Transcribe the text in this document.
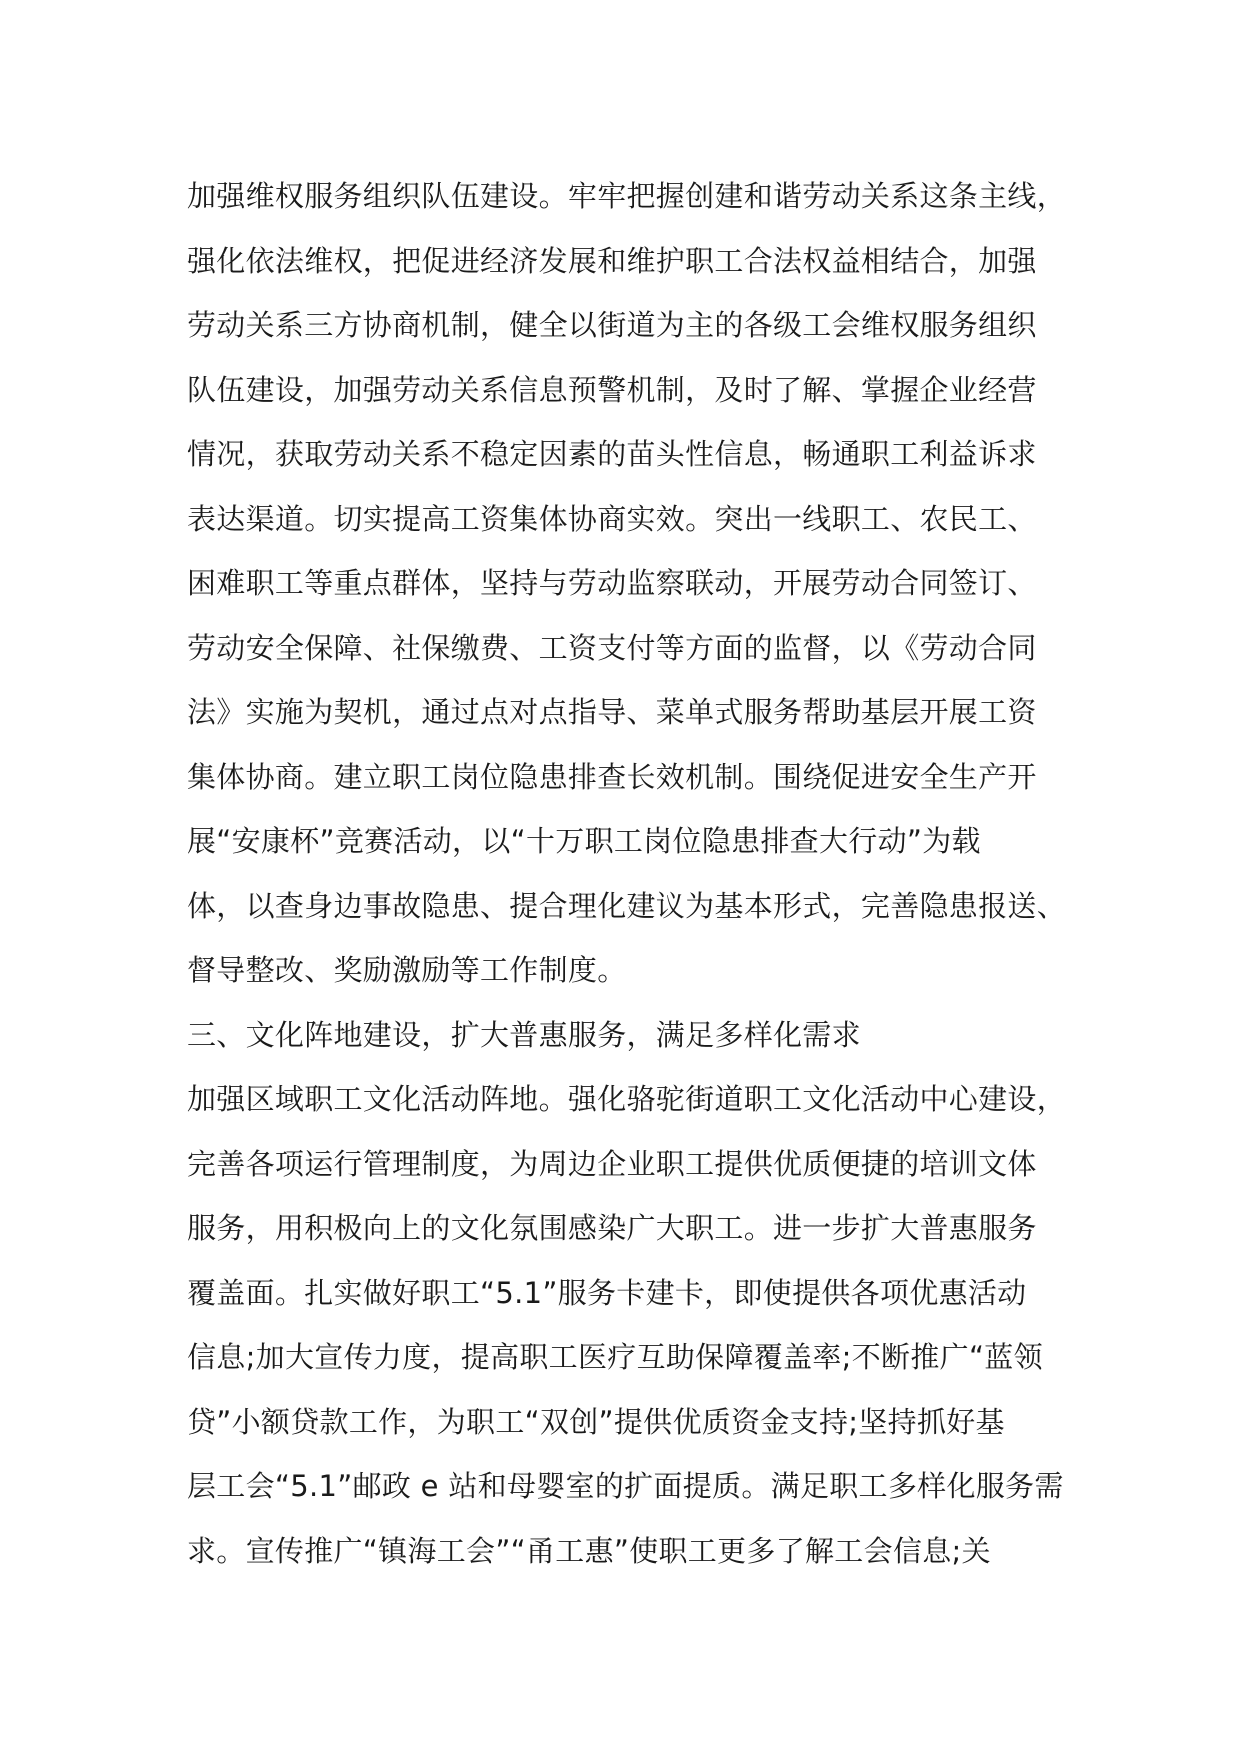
加强维权服务组织队伍建设。牢牢把握创建和谐劳动关系这条主线，
强化依法维权，把促进经济发展和维护职工合法权益相结合，加强
劳动关系三方协商机制，健全以街道为主的各级工会维权服务组织
队伍建设，加强劳动关系信息预警机制，及时了解、掌握企业经营
情况，获取劳动关系不稳定因素的苗头性信息，畅通职工利益诉求
表达渠道。切实提高工资集体协商实效。突出一线职工、农民工、
困难职工等重点群体，坚持与劳动监察联动，开展劳动合同签订、
劳动安全保障、社保缴费、工资支付等方面的监督，以《劳动合同
法》实施为契机，通过点对点指导、菜单式服务帮助基层开展工资
集体协商。建立职工岗位隐患排查长效机制。围绕促进安全生产开
展“安康杯”竞赛活动，以“十万职工岗位隐患排查大行动”为载
体，以查身边事故隐患、提合理化建议为基本形式，完善隐患报送、
督导整改、奖励激励等工作制度。
三、文化阵地建设，扩大普惠服务，满足多样化需求
加强区域职工文化活动阵地。强化骆驼街道职工文化活动中心建设，
完善各项运行管理制度，为周边企业职工提供优质便捷的培训文体
服务，用积极向上的文化氛围感染广大职工。进一步扩大普惠服务
覆盖面。扎实做好职工“5.1”服务卡建卡，即使提供各项优惠活动
信息;加大宣传力度，提高职工医疗互助保障覆盖率;不断推广“蓝领
贷”小额贷款工作，为职工“双创”提供优质资金支持;坚持抓好基
层工会“5.1”邮政 e 站和母婴室的扩面提质。满足职工多样化服务需
求。宣传推广“镇海工会”“甬工惠”使职工更多了解工会信息;关
